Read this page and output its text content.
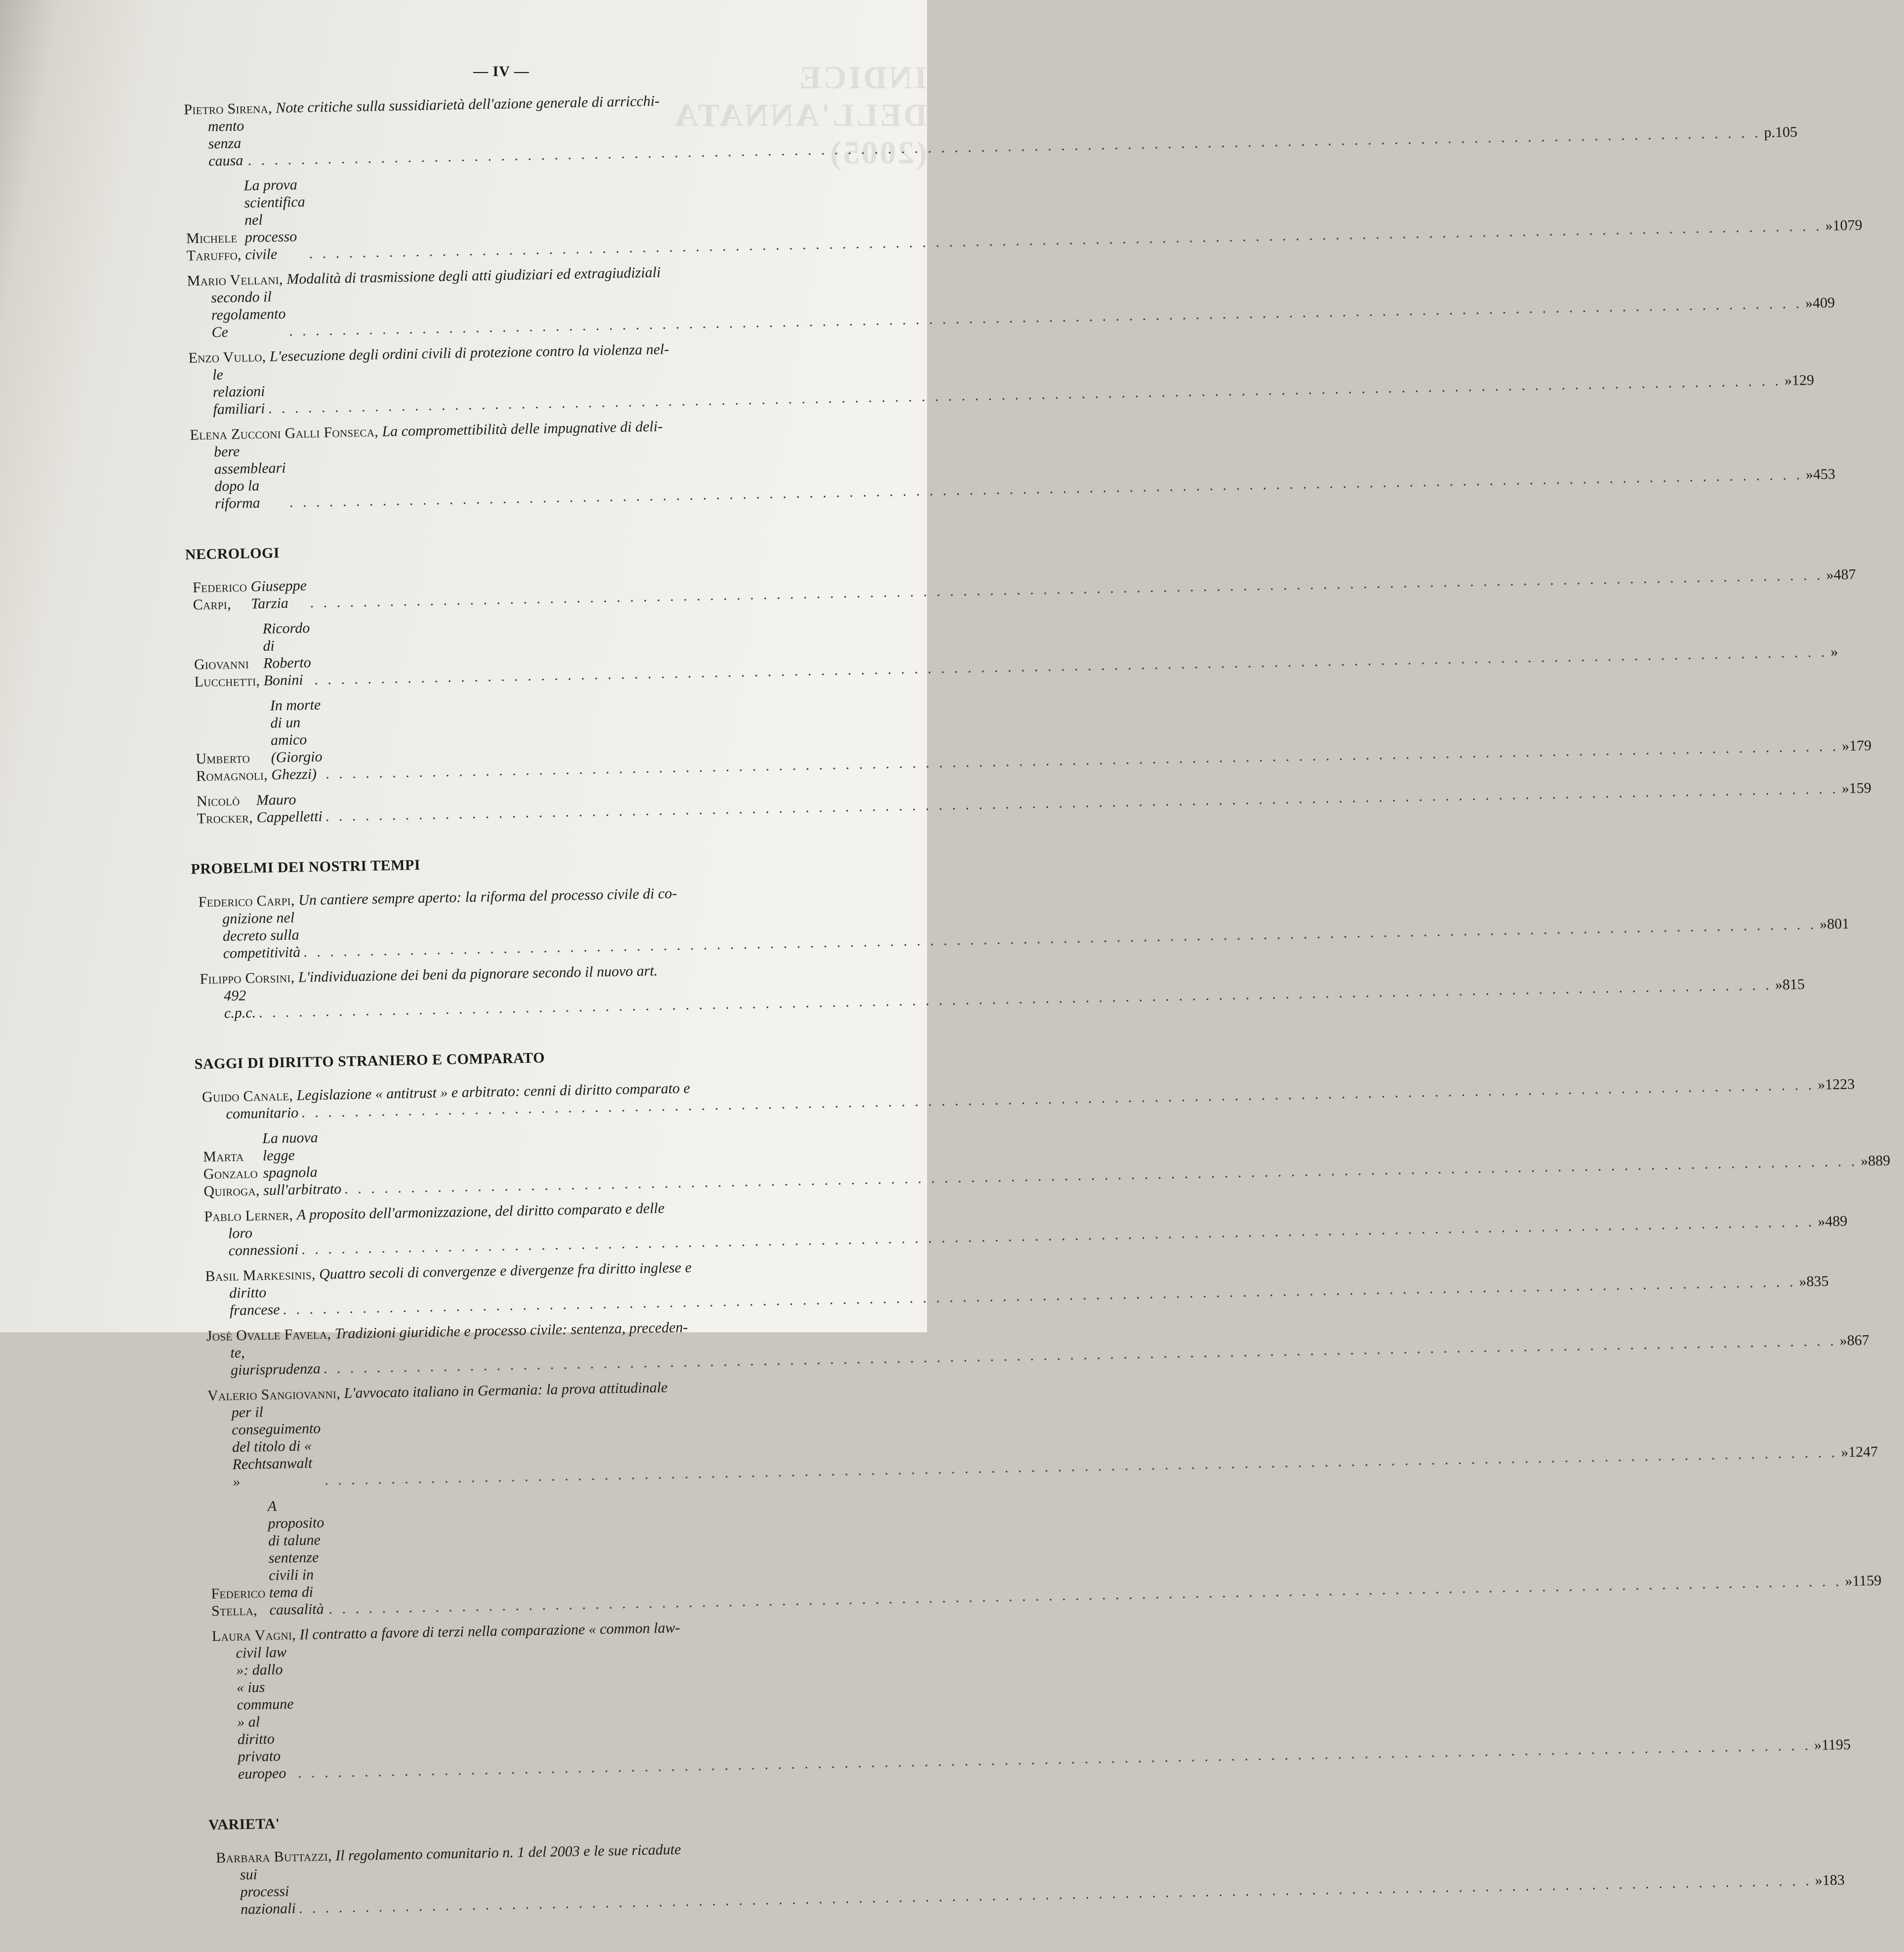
INDICE DELL'ANNATA (2005)
— IV —
Pietro Sirena, Note critiche sulla sussidiarietà dell'azione generale di arricchi-
mento senza causa
. . .
p. 105
Michele Taruffo,

La prova scientifica nel processo civile
. . .
» 1079
Mario Vellani, Modalità di trasmissione degli atti giudiziari ed extragiudiziali
secondo il regolamento Ce
. . .
» 409
Enzo Vullo, L'esecuzione degli ordini civili di protezione contro la violenza nel-
le relazioni familiari
. . .
» 129
Elena Zucconi Galli Fonseca, La compromettibilità delle impugnative di deli-
bere assembleari dopo la riforma
. . .
» 453
NECROLOGI
Federico Carpi,

Giuseppe Tarzia
. . .
» 487
Giovanni Lucchetti,

Ricordo di Roberto Bonini
. . .
»
Umberto Romagnoli,

In morte di un amico (Giorgio Ghezzi)
. . .
» 179
Nicolò Trocker,

Mauro Cappelletti
. . .
» 159
PROBELMI DEI NOSTRI TEMPI
Federico Carpi, Un cantiere sempre aperto: la riforma del processo civile di co-
gnizione nel decreto sulla competitività
. . .
» 801
Filippo Corsini, L'individuazione dei beni da pignorare secondo il nuovo art.
492 c.p.c.
. . .
» 815
SAGGI DI DIRITTO STRANIERO E COMPARATO
Guido Canale, Legislazione « antitrust » e arbitrato: cenni di diritto comparato e
comunitario
. . .
» 1223
Marta Gonzalo Quiroga,

La nuova legge spagnola sull'arbitrato
. . .
» 889
Pablo Lerner, A proposito dell'armonizzazione, del diritto comparato e delle
loro connessioni
. . .
» 489
Basil Markesinis, Quattro secoli di convergenze e divergenze fra diritto inglese e
diritto francese
. . .
» 835
Josè Ovalle Favela, Tradizioni giuridiche e processo civile: sentenza, preceden-
te, giurisprudenza
. . .
» 867
Valerio Sangiovanni, L'avvocato italiano in Germania: la prova attitudinale
per il conseguimento del titolo di « Rechtsanwalt »
. . .
» 1247
Federico Stella,

A proposito di talune sentenze civili in tema di causalità
. . .
» 1159
Laura Vagni, Il contratto a favore di terzi nella comparazione « common law-
civil law »: dallo « ius commune » al diritto privato europeo
. . .
» 1195
VARIETA'
Barbara Buttazzi, Il regolamento comunitario n. 1 del 2003 e le sue ricadute
sui processi nazionali
. . .
» 183
